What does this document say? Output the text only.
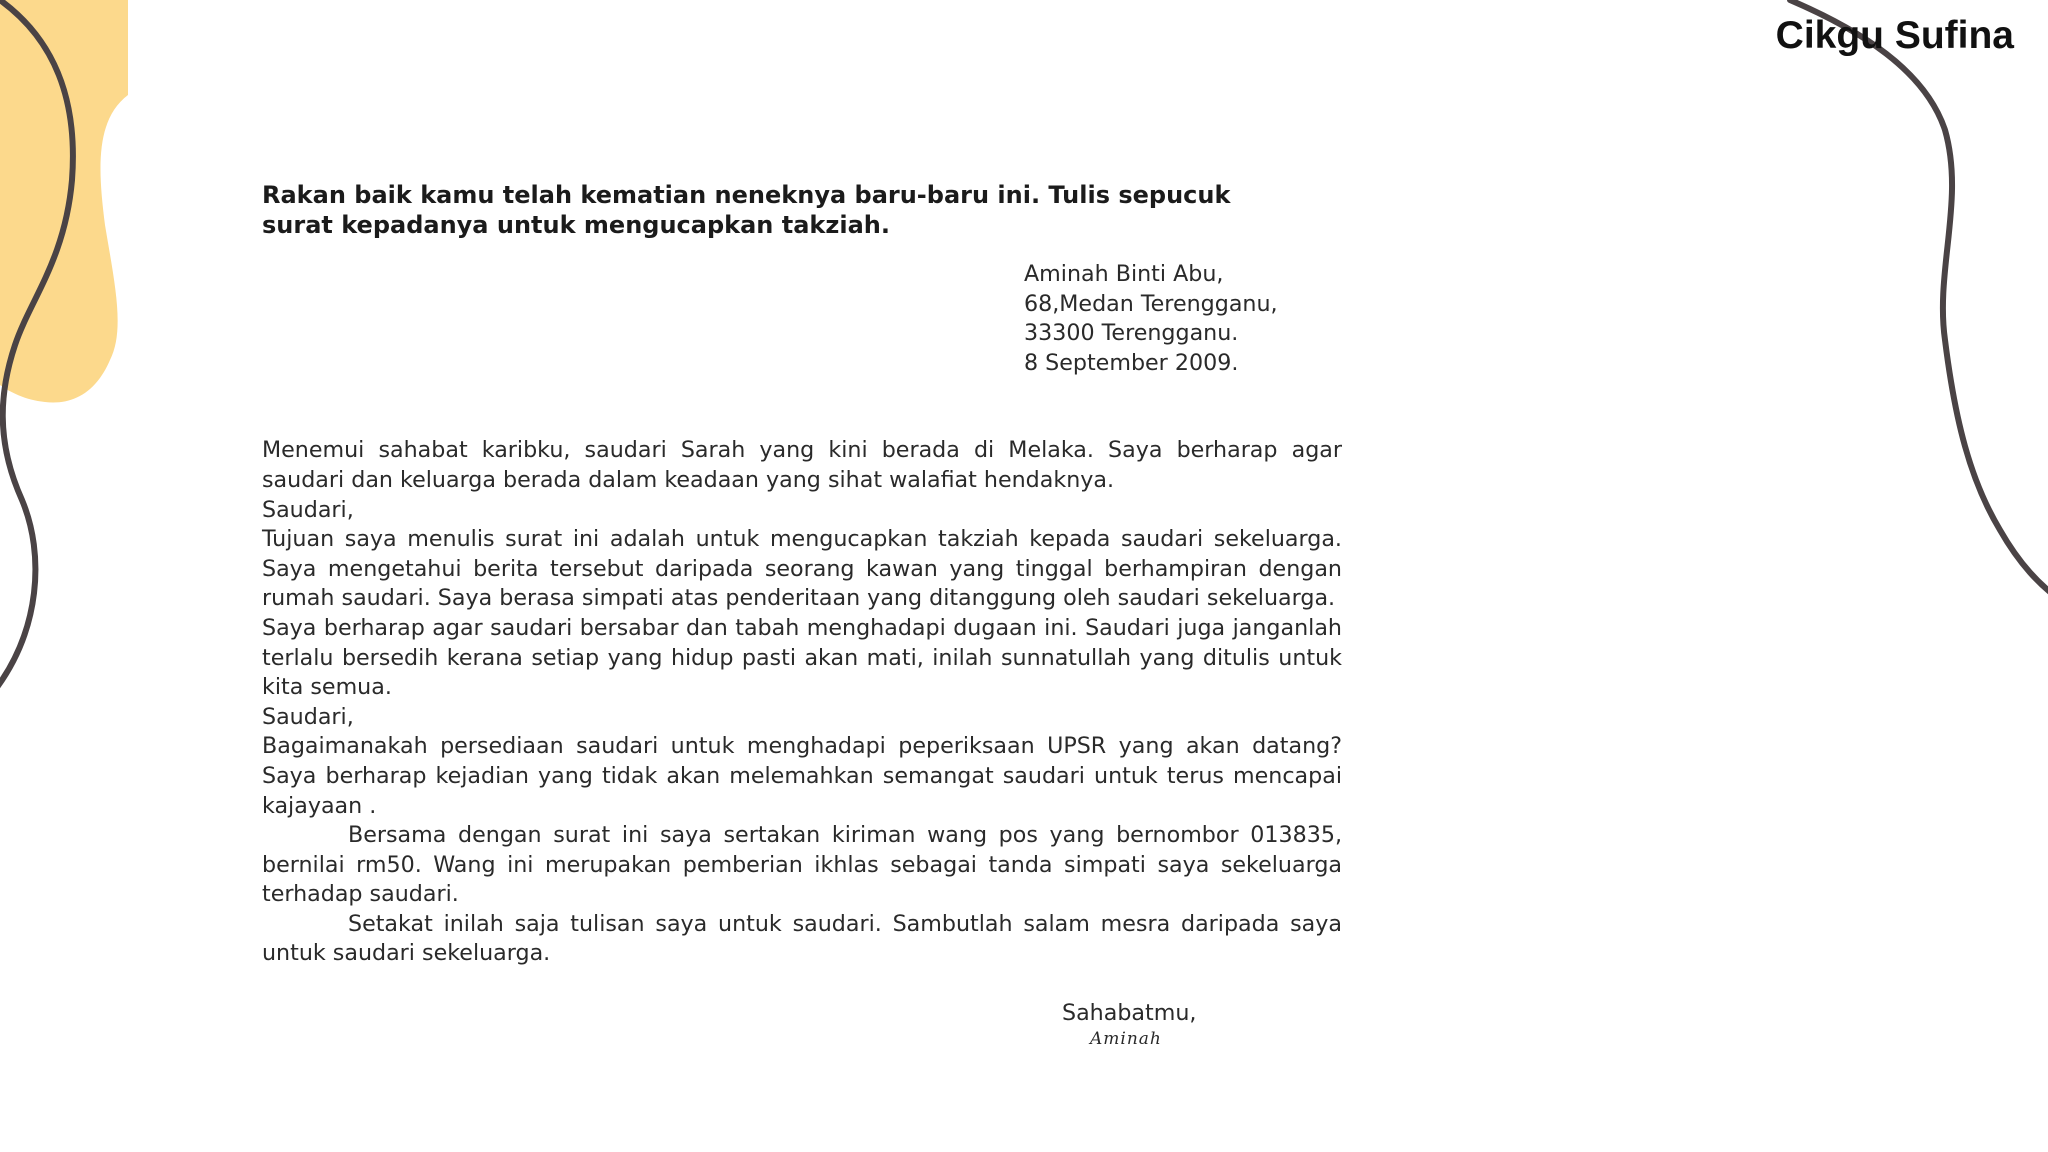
Cikgu Sufina

Rakan baik kamu telah kematian neneknya baru-baru ini. Tulis sepucuk surat kepadanya untuk mengucapkan takziah.

Aminah Binti Abu,
68,Medan Terengganu,
33300 Terengganu.
8 September 2009.

Menemui sahabat karibku, saudari Sarah yang kini berada di Melaka. Saya berharap agar saudari dan keluarga berada dalam keadaan yang sihat walafiat hendaknya.

Saudari,

Tujuan saya menulis surat ini adalah untuk mengucapkan takziah kepada saudari sekeluarga. Saya mengetahui berita tersebut daripada seorang kawan yang tinggal berhampiran dengan rumah saudari. Saya berasa simpati atas penderitaan yang ditanggung oleh saudari sekeluarga.

Saya berharap agar saudari bersabar dan tabah menghadapi dugaan ini. Saudari juga janganlah terlalu bersedih kerana setiap yang hidup pasti akan mati, inilah sunnatullah yang ditulis untuk kita semua.

Saudari,

Bagaimanakah persediaan saudari untuk menghadapi peperiksaan UPSR yang akan datang? Saya berharap kejadian yang tidak akan melemahkan semangat saudari untuk terus mencapai kajayaan .

Bersama dengan surat ini saya sertakan kiriman wang pos yang bernombor 013835, bernilai rm50. Wang ini merupakan pemberian ikhlas sebagai tanda simpati saya sekeluarga terhadap saudari.

Setakat inilah saja tulisan saya untuk saudari. Sambutlah salam mesra daripada saya untuk saudari sekeluarga.

Sahabatmu,
Aminah
